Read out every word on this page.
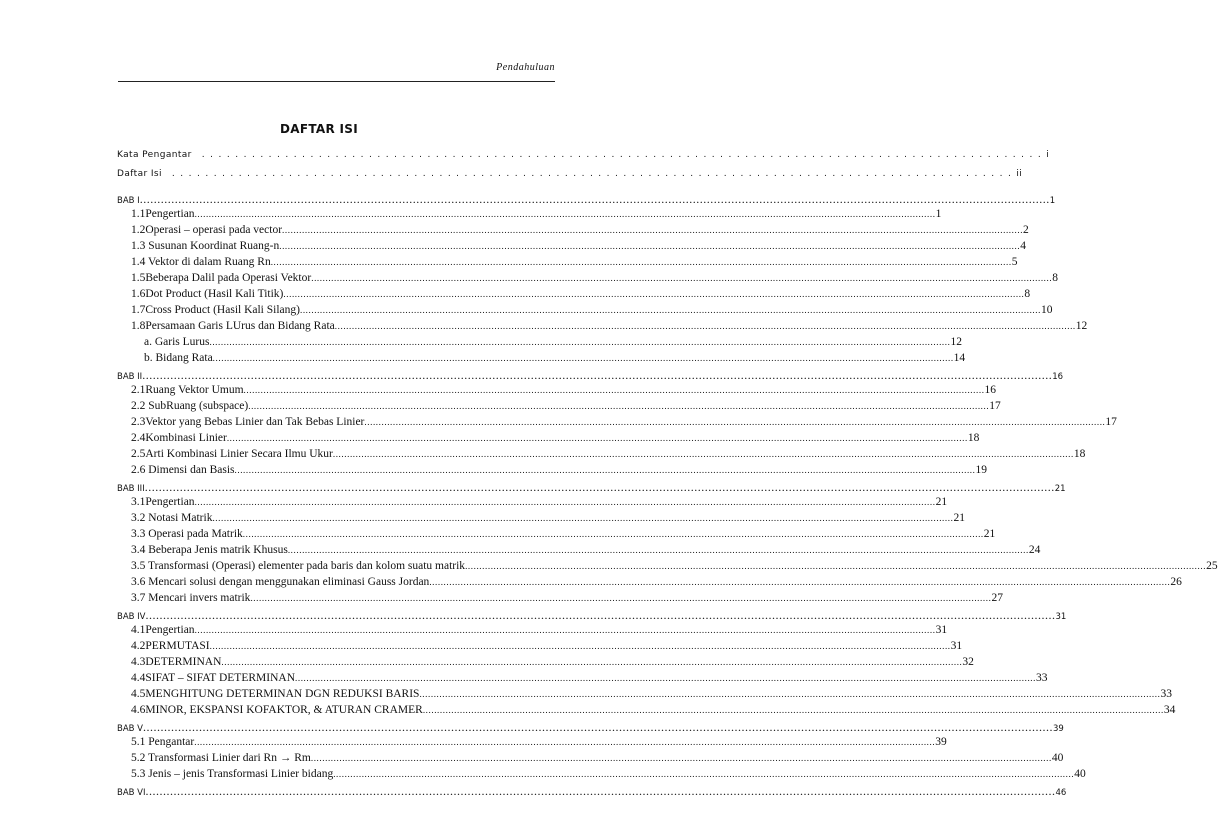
Pendahuluan
DAFTAR ISI
Kata Pengantar	..................................................................................................... i
Daftar Isi	..................................................................................................... ii
BAB I .................................................................................................................................................................................................................................................................... 1
1.1Pengertian .................................................................................................................................................................................................................................................................... 1
1.2Operasi – operasi pada vector .................................................................................................................................................................................................................................................................... 2
1.3 Susunan Koordinat Ruang-n .................................................................................................................................................................................................................................................................... 4
1.4 Vektor di dalam Ruang Rn .................................................................................................................................................................................................................................................................... 5
1.5Beberapa Dalil pada Operasi Vektor .................................................................................................................................................................................................................................................................... 8
1.6Dot Product (Hasil Kali Titik) .................................................................................................................................................................................................................................................................... 8
1.7Cross Product (Hasil Kali Silang) .................................................................................................................................................................................................................................................................... 10
1.8Persamaan Garis LUrus dan Bidang Rata .................................................................................................................................................................................................................................................................... 12
a. Garis Lurus .................................................................................................................................................................................................................................................................... 12
b. Bidang Rata .................................................................................................................................................................................................................................................................... 14
BAB II .................................................................................................................................................................................................................................................................... 16
2.1Ruang Vektor Umum .................................................................................................................................................................................................................................................................... 16
2.2 SubRuang (subspace) .................................................................................................................................................................................................................................................................... 17
2.3Vektor yang Bebas Linier dan Tak Bebas Linier .................................................................................................................................................................................................................................................................... 17
2.4Kombinasi Linier .................................................................................................................................................................................................................................................................... 18
2.5Arti Kombinasi Linier Secara Ilmu Ukur .................................................................................................................................................................................................................................................................... 18
2.6 Dimensi dan Basis .................................................................................................................................................................................................................................................................... 19
BAB III .................................................................................................................................................................................................................................................................... 21
3.1Pengertian .................................................................................................................................................................................................................................................................... 21
3.2 Notasi Matrik .................................................................................................................................................................................................................................................................... 21
3.3 Operasi pada Matrik .................................................................................................................................................................................................................................................................... 21
3.4 Beberapa Jenis matrik Khusus .................................................................................................................................................................................................................................................................... 24
3.5 Transformasi (Operasi) elementer pada baris dan kolom suatu matrik .................................................................................................................................................................................................................................................................... 25
3.6 Mencari solusi dengan menggunakan eliminasi Gauss Jordan .................................................................................................................................................................................................................................................................... 26
3.7 Mencari invers matrik .................................................................................................................................................................................................................................................................... 27
BAB IV .................................................................................................................................................................................................................................................................... 31
4.1Pengertian .................................................................................................................................................................................................................................................................... 31
4.2PERMUTASI .................................................................................................................................................................................................................................................................... 31
4.3DETERMINAN .................................................................................................................................................................................................................................................................... 32
4.4SIFAT – SIFAT DETERMINAN .................................................................................................................................................................................................................................................................... 33
4.5MENGHITUNG DETERMINAN DGN REDUKSI BARIS .................................................................................................................................................................................................................................................................... 33
4.6MINOR, EKSPANSI KOFAKTOR, & ATURAN CRAMER .................................................................................................................................................................................................................................................................... 34
BAB V .................................................................................................................................................................................................................................................................... 39
5.1 Pengantar .................................................................................................................................................................................................................................................................... 39
5.2 Transformasi Linier dari Rn → Rm .................................................................................................................................................................................................................................................................... 40
5.3 Jenis – jenis Transformasi Linier bidang .................................................................................................................................................................................................................................................................... 40
BAB VI .................................................................................................................................................................................................................................................................... 46
